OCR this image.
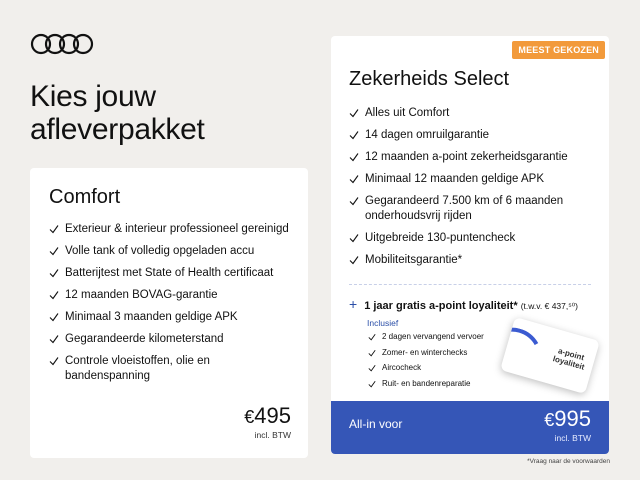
Kies jouw
afleverpakket
Comfort
Exterieur & interieur professioneel gereinigd
Volle tank of volledig opgeladen accu
Batterijtest met State of Health certificaat
12 maanden BOVAG-garantie
Minimaal 3 maanden geldige APK
Gegarandeerde kilometerstand
Controle vloeistoffen, olie en bandenspanning
€495
incl. BTW
MEEST GEKOZEN
Zekerheids Select
Alles uit Comfort
14 dagen omruilgarantie
12 maanden a-point zekerheidsgarantie
Minimaal 12 maanden geldige APK
Gegarandeerd 7.500 km of 6 maanden onderhoudsvrij rijden
Uitgebreide 130-puntencheck
Mobiliteitsgarantie*
+ 1 jaar gratis a-point loyaliteit* (t.w.v. € 437,⁵⁰)
Inclusief
2 dagen vervangend vervoer
Zomer- en winterchecks
Aircocheck
Ruit- en bandenreparatie
a-point loyaliteit
All-in voor	€995
incl. BTW
*Vraag naar de voorwaarden
